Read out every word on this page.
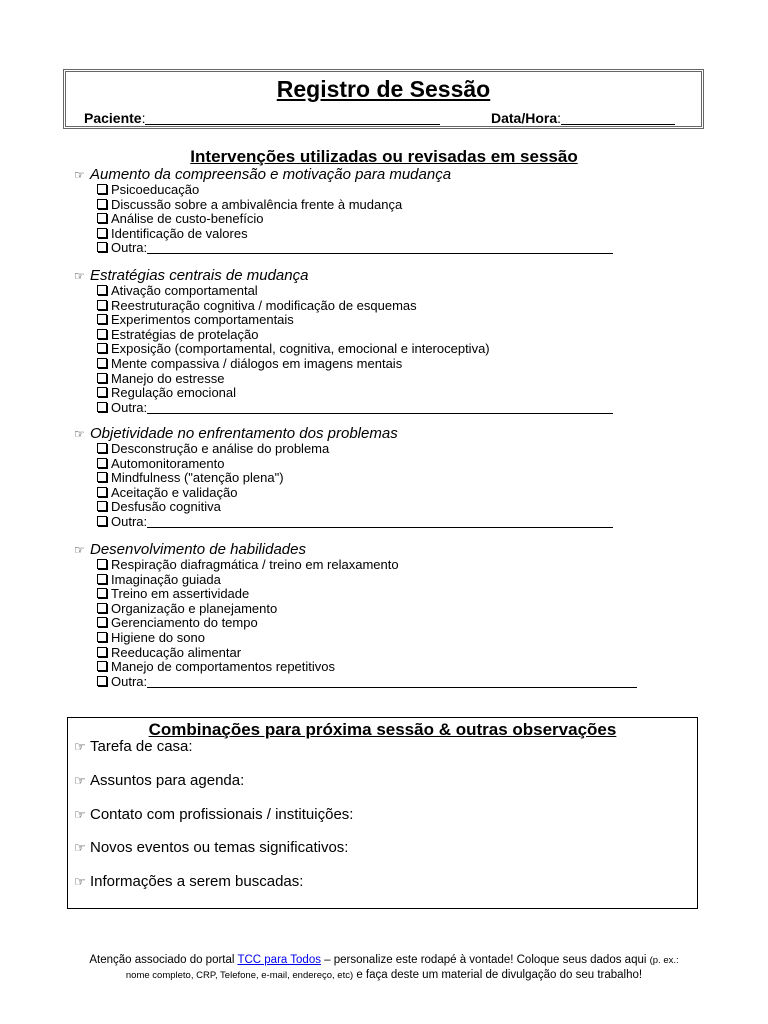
Registro de Sessão
Paciente:	Data/Hora:
Intervenções utilizadas ou revisadas em sessão
☞ Aumento da compreensão e motivação para mudança
Psicoeducação
Discussão sobre a ambivalência frente à mudança
Análise de custo-benefício
Identificação de valores
Outra:
☞ Estratégias centrais de mudança
Ativação comportamental
Reestruturação cognitiva / modificação de esquemas
Experimentos comportamentais
Estratégias de protelação
Exposição (comportamental, cognitiva, emocional e interoceptiva)
Mente compassiva / diálogos em imagens mentais
Manejo do estresse
Regulação emocional
Outra:
☞ Objetividade no enfrentamento dos problemas
Desconstrução e análise do problema
Automonitoramento
Mindfulness ("atenção plena")
Aceitação e validação
Desfusão cognitiva
Outra:
☞ Desenvolvimento de habilidades
Respiração diafragmática / treino em relaxamento
Imaginação guiada
Treino em assertividade
Organização e planejamento
Gerenciamento do tempo
Higiene do sono
Reeducação alimentar
Manejo de comportamentos repetitivos
Outra:
Combinações para próxima sessão & outras observações
☞ Tarefa de casa:
☞ Assuntos para agenda:
☞ Contato com profissionais / instituições:
☞ Novos eventos ou temas significativos:
☞ Informações a serem buscadas:
Atenção associado do portal TCC para Todos – personalize este rodapé à vontade! Coloque seus dados aqui (p. ex.:
nome completo, CRP, Telefone, e-mail, endereço, etc) e faça deste um material de divulgação do seu trabalho!
